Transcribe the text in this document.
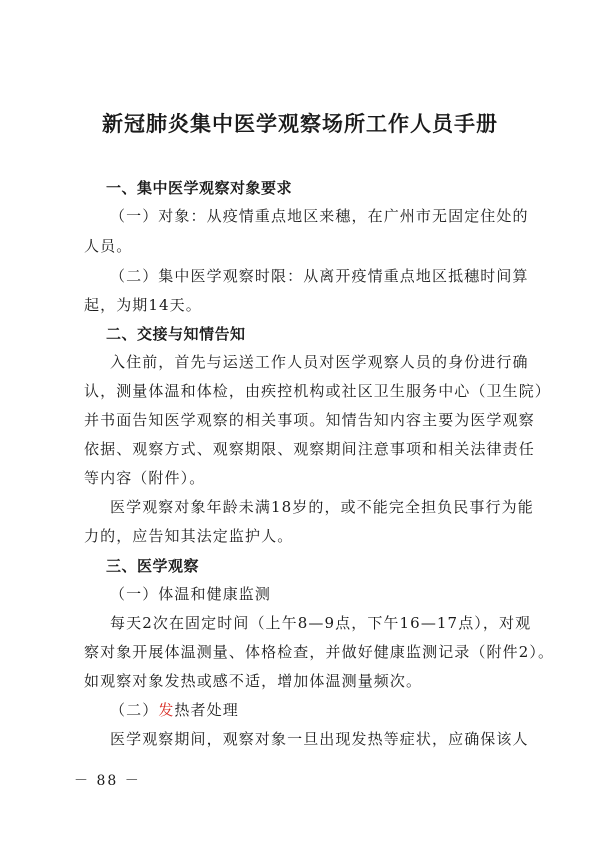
新冠肺炎集中医学观察场所工作人员手册
一、集中医学观察对象要求
（一）对象：从疫情重点地区来穗，在广州市无固定住处的
人员。
（二）集中医学观察时限：从离开疫情重点地区抵穗时间算
起，为期14天。
二、交接与知情告知
入住前，首先与运送工作人员对医学观察人员的身份进行确
认，测量体温和体检，由疾控机构或社区卫生服务中心（卫生院）
并书面告知医学观察的相关事项。知情告知内容主要为医学观察
依据、观察方式、观察期限、观察期间注意事项和相关法律责任
等内容（附件）。
医学观察对象年龄未满18岁的，或不能完全担负民事行为能
力的，应告知其法定监护人。
三、医学观察
（一）体温和健康监测
每天2次在固定时间（上午8—9点，下午16—17点），对观
察对象开展体温测量、体格检查，并做好健康监测记录（附件2）。
如观察对象发热或感不适，增加体温测量频次。
（二）发热者处理
医学观察期间，观察对象一旦出现发热等症状，应确保该人
－ 88 －
